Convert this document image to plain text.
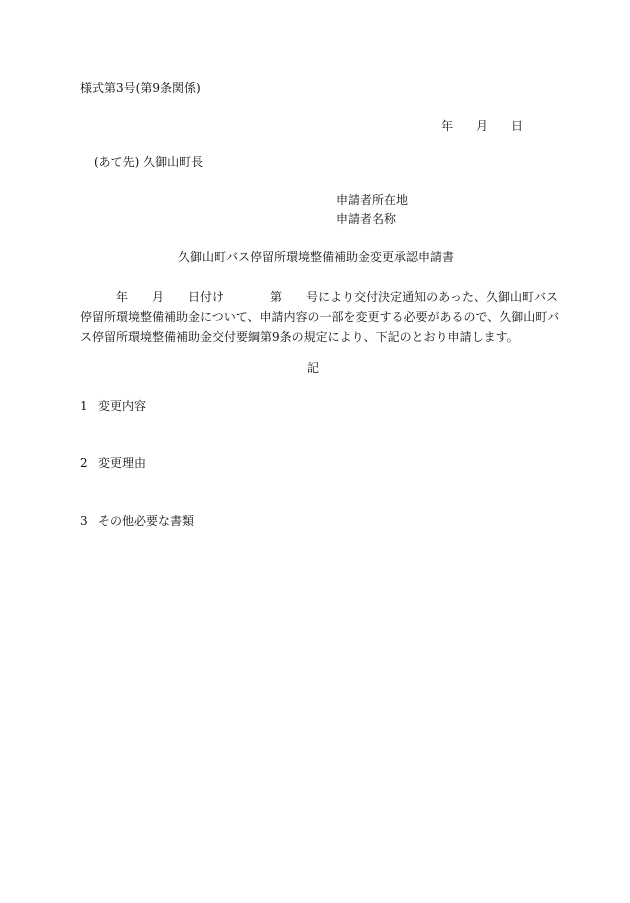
様式第3号(第9条関係)
年 月 日
(あて先) 久御山町長
申請者所在地
申請者名称
久御山町バス停留所環境整備補助金変更承認申請書
年 月 日付け	第 号により交付決定通知のあった、久御山町バス
停留所環境整備補助金について、申請内容の一部を変更する必要があるので、久御山町バ
ス停留所環境整備補助金交付要綱第9条の規定により、下記のとおり申請します。
記
1 変更内容
2 変更理由
3 その他必要な書類
